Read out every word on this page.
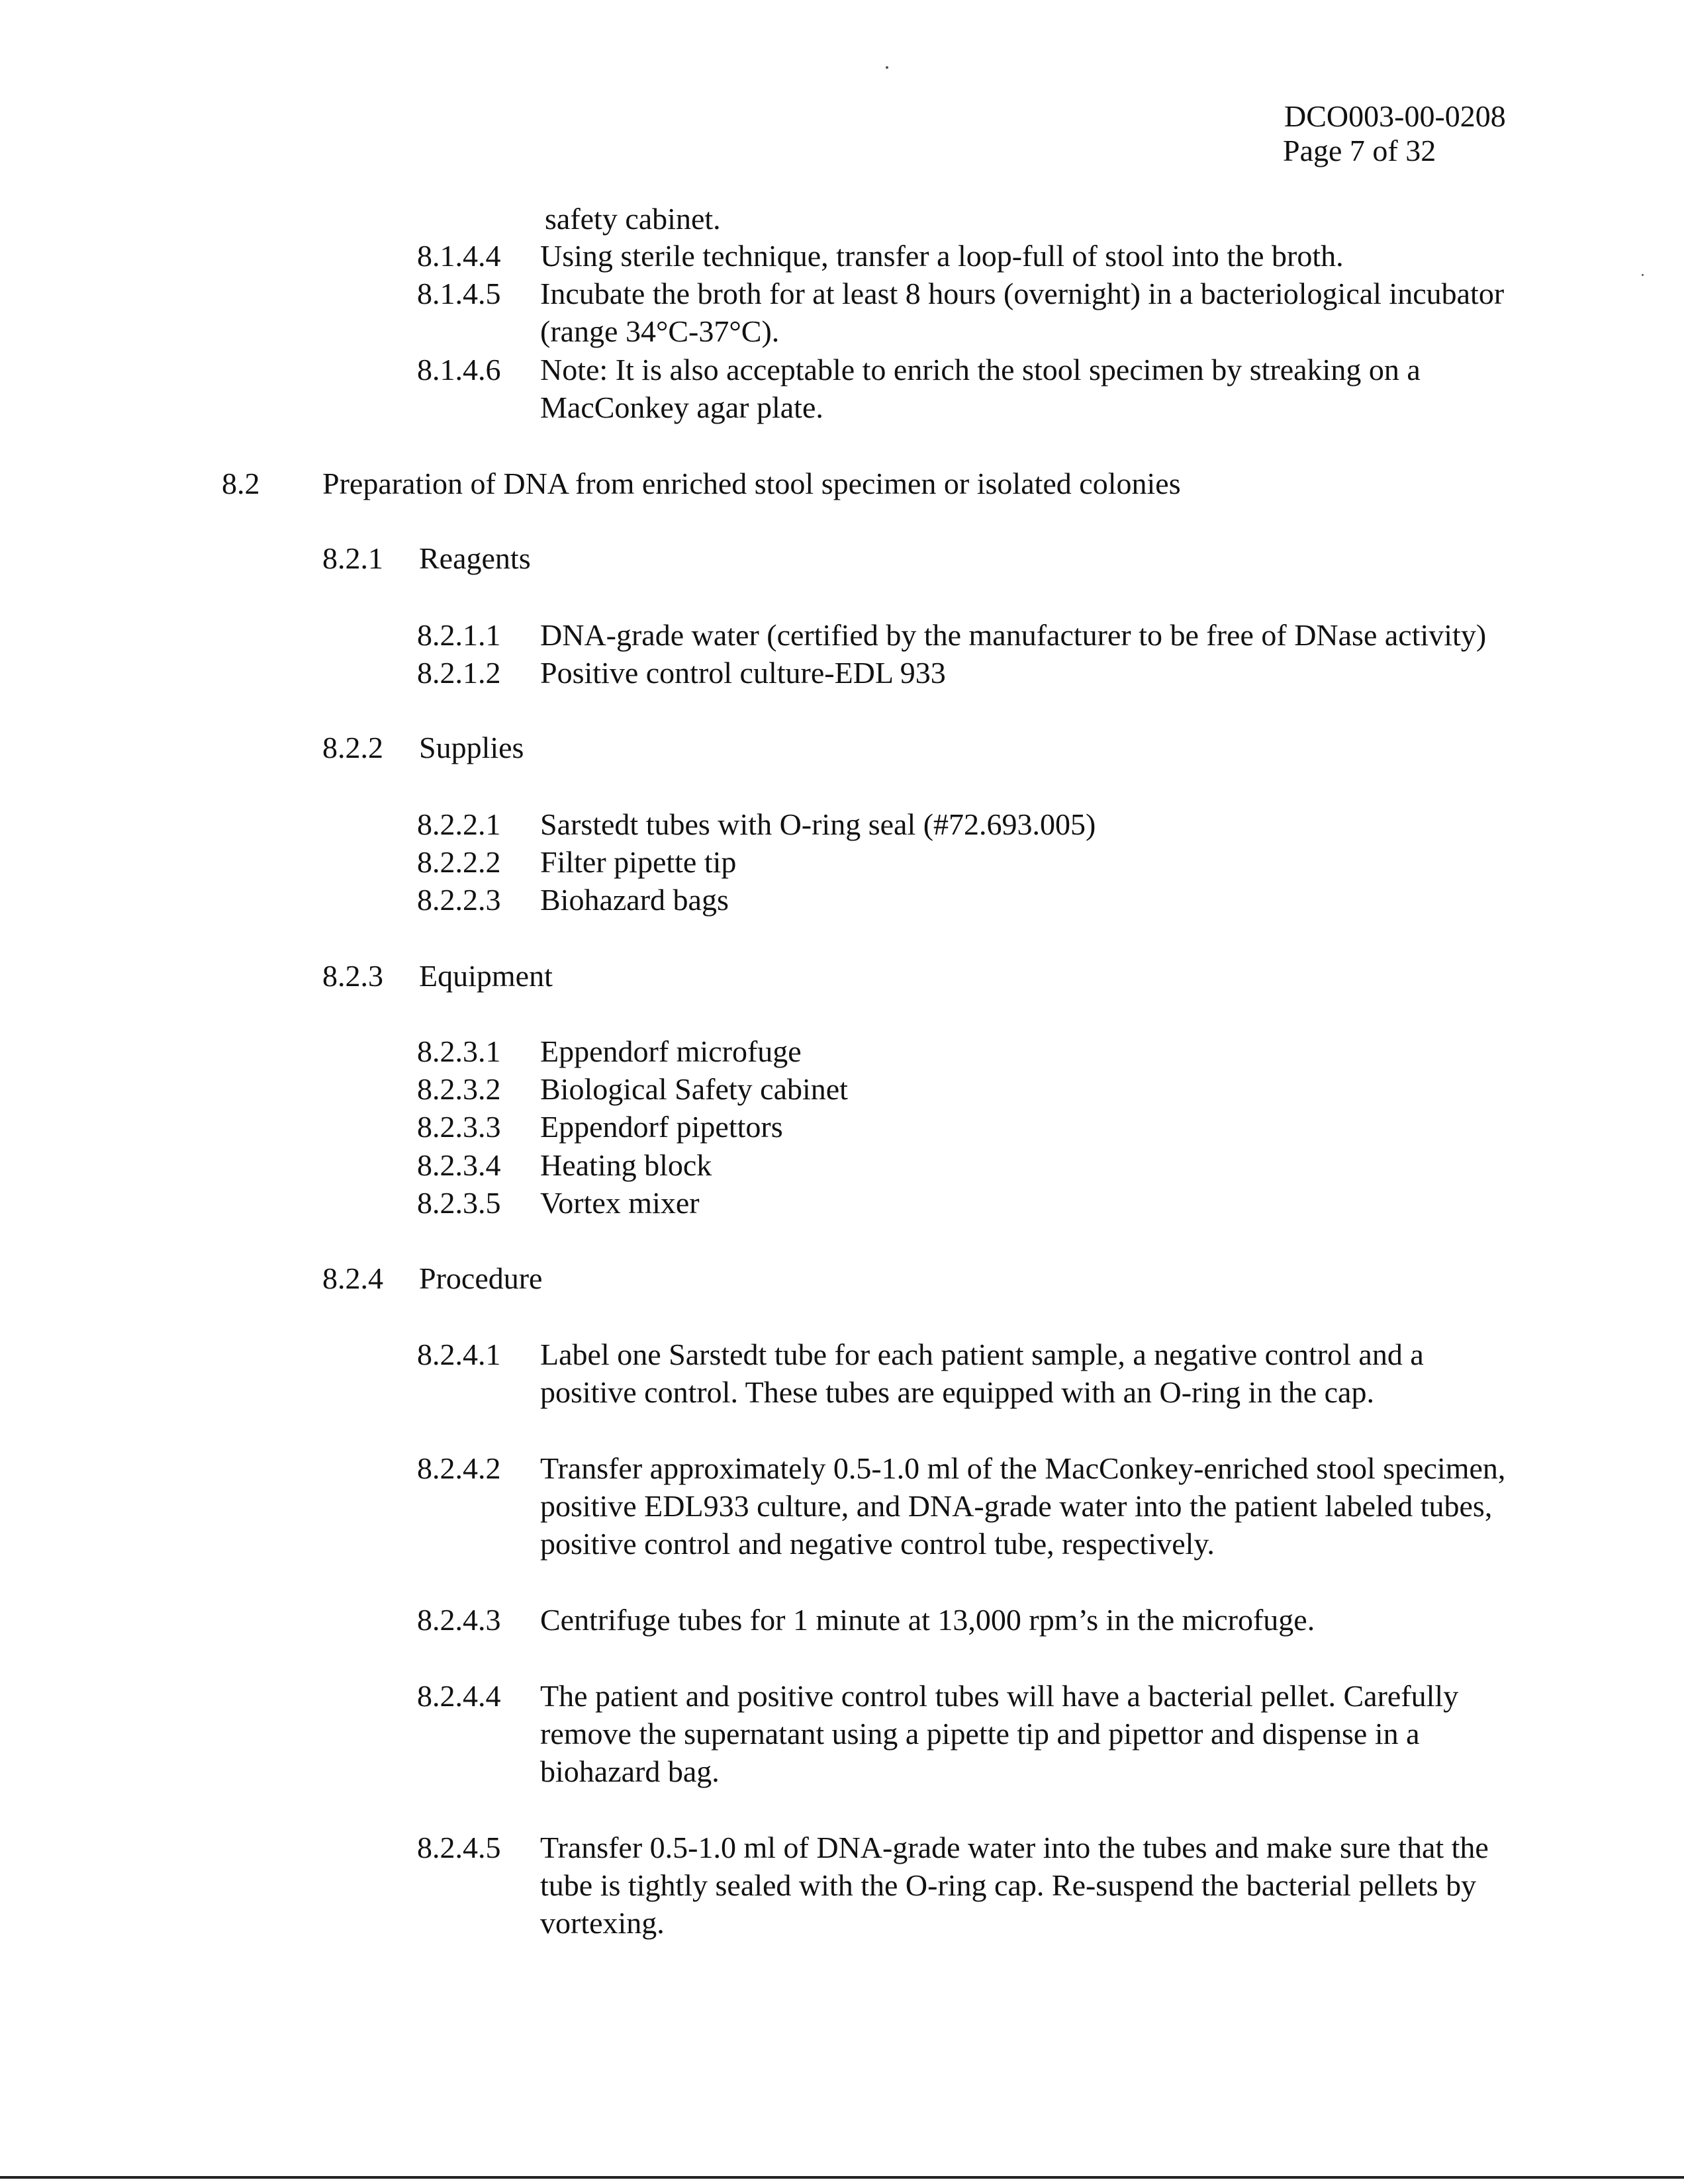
DCO003-00-0208
Page 7 of 32
safety cabinet.
8.1.4.4 Using sterile technique, transfer a loop-full of stool into the broth.
8.1.4.5 Incubate the broth for at least 8 hours (overnight) in a bacteriological incubator
(range 34°C-37°C).
8.1.4.6 Note: It is also acceptable to enrich the stool specimen by streaking on a
MacConkey agar plate.
8.2 Preparation of DNA from enriched stool specimen or isolated colonies
8.2.1 Reagents
8.2.1.1 DNA-grade water (certified by the manufacturer to be free of DNase activity)
8.2.1.2 Positive control culture-EDL 933
8.2.2 Supplies
8.2.2.1 Sarstedt tubes with O-ring seal (#72.693.005)
8.2.2.2 Filter pipette tip
8.2.2.3 Biohazard bags
8.2.3 Equipment
8.2.3.1 Eppendorf microfuge
8.2.3.2 Biological Safety cabinet
8.2.3.3 Eppendorf pipettors
8.2.3.4 Heating block
8.2.3.5 Vortex mixer
8.2.4 Procedure
8.2.4.1 Label one Sarstedt tube for each patient sample, a negative control and a
positive control. These tubes are equipped with an O-ring in the cap.
8.2.4.2 Transfer approximately 0.5-1.0 ml of the MacConkey-enriched stool specimen,
positive EDL933 culture, and DNA-grade water into the patient labeled tubes,
positive control and negative control tube, respectively.
8.2.4.3 Centrifuge tubes for 1 minute at 13,000 rpm’s in the microfuge.
8.2.4.4 The patient and positive control tubes will have a bacterial pellet. Carefully
remove the supernatant using a pipette tip and pipettor and dispense in a
biohazard bag.
8.2.4.5 Transfer 0.5-1.0 ml of DNA-grade water into the tubes and make sure that the
tube is tightly sealed with the O-ring cap. Re-suspend the bacterial pellets by
vortexing.
